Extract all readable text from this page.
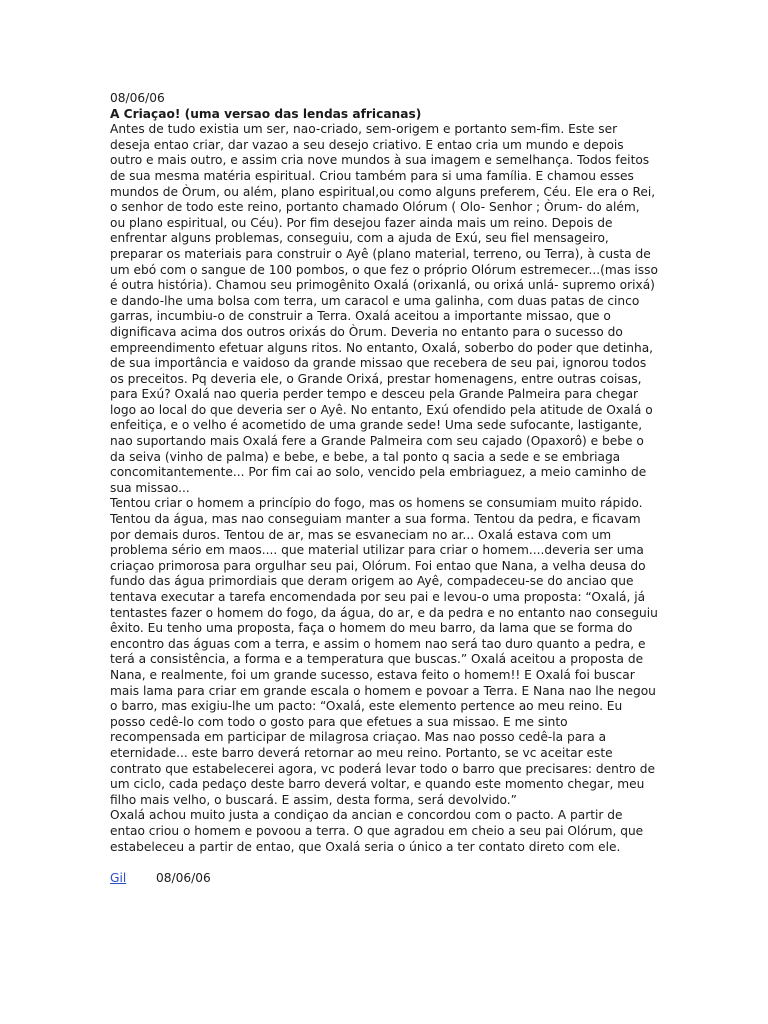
08/06/06
A Criaçao! (uma versao das lendas africanas)
Antes de tudo existia um ser, nao-criado, sem-origem e portanto sem-fim. Este ser deseja entao criar, dar vazao a seu desejo criativo. E entao cria um mundo e depois outro e mais outro, e assim cria nove mundos à sua imagem e semelhança. Todos feitos de sua mesma matéria espiritual. Criou também para si uma família. E chamou esses mundos de Òrum, ou além, plano espiritual,ou como alguns preferem, Céu. Ele era o Rei, o senhor de todo este reino, portanto chamado Olórum ( Olo- Senhor ; Òrum- do além, ou plano espiritual, ou Céu). Por fim desejou fazer ainda mais um reino. Depois de enfrentar alguns problemas, conseguiu, com a ajuda de Exú, seu fiel mensageiro, preparar os materiais para construir o Ayê (plano material, terreno, ou Terra), à custa de um ebó com o sangue de 100 pombos, o que fez o próprio Olórum estremecer...(mas isso é outra história). Chamou seu primogênito Oxalá (orixanlá, ou orixá unlá- supremo orixá) e dando-lhe uma bolsa com terra, um caracol e uma galinha, com duas patas de cinco garras, incumbiu-o de construir a Terra. Oxalá aceitou a importante missao, que o dignificava acima dos outros orixás do Òrum. Deveria no entanto para o sucesso do empreendimento efetuar alguns ritos. No entanto, Oxalá, soberbo do poder que detinha, de sua importância e vaidoso da grande missao que recebera de seu pai, ignorou todos os preceitos. Pq deveria ele, o Grande Orixá, prestar homenagens, entre outras coisas, para Exú? Oxalá nao queria perder tempo e desceu pela Grande Palmeira para chegar logo ao local do que deveria ser o Ayê. No entanto, Exú ofendido pela atitude de Oxalá o enfeitiça, e o velho é acometido de uma grande sede! Uma sede sufocante, lastigante, nao suportando mais Oxalá fere a Grande Palmeira com seu cajado (Opaxorô) e bebe o da seiva (vinho de palma) e bebe, e bebe, a tal ponto q sacia a sede e se embriaga concomitantemente... Por fim cai ao solo, vencido pela embriaguez, a meio caminho de sua missao...
Tentou criar o homem a princípio do fogo, mas os homens se consumiam muito rápido. Tentou da água, mas nao conseguiam manter a sua forma. Tentou da pedra, e ficavam por demais duros. Tentou de ar, mas se esvaneciam no ar... Oxalá estava com um problema sério em maos.... que material utilizar para criar o homem....deveria ser uma criaçao primorosa para orgulhar seu pai, Olórum. Foi entao que Nana, a velha deusa do fundo das água primordiais que deram origem ao Ayê, compadeceu-se do anciao que tentava executar a tarefa encomendada por seu pai e levou-o uma proposta: “Oxalá, já tentastes fazer o homem do fogo, da água, do ar, e da pedra e no entanto nao conseguiu êxito. Eu tenho uma proposta, faça o homem do meu barro, da lama que se forma do encontro das águas com a terra, e assim o homem nao será tao duro quanto a pedra, e terá a consistência, a forma e a temperatura que buscas.” Oxalá aceitou a proposta de Nana, e realmente, foi um grande sucesso, estava feito o homem!! E Oxalá foi buscar mais lama para criar em grande escala o homem e povoar a Terra. E Nana nao lhe negou o barro, mas exigiu-lhe um pacto: “Oxalá, este elemento pertence ao meu reino. Eu posso cedê-lo com todo o gosto para que efetues a sua missao. E me sinto recompensada em participar de milagrosa criaçao. Mas nao posso cedê-la para a eternidade... este barro deverá retornar ao meu reino. Portanto, se vc aceitar este contrato que estabelecerei agora, vc poderá levar todo o barro que precisares: dentro de um ciclo, cada pedaço deste barro deverá voltar, e quando este momento chegar, meu filho mais velho, o buscará. E assim, desta forma, será devolvido.”
Oxalá achou muito justa a condiçao da ancian e concordou com o pacto. A partir de entao criou o homem e povoou a terra. O que agradou em cheio a seu pai Olórum, que estabeleceu a partir de entao, que Oxalá seria o único a ter contato direto com ele.
Gil	08/06/06
